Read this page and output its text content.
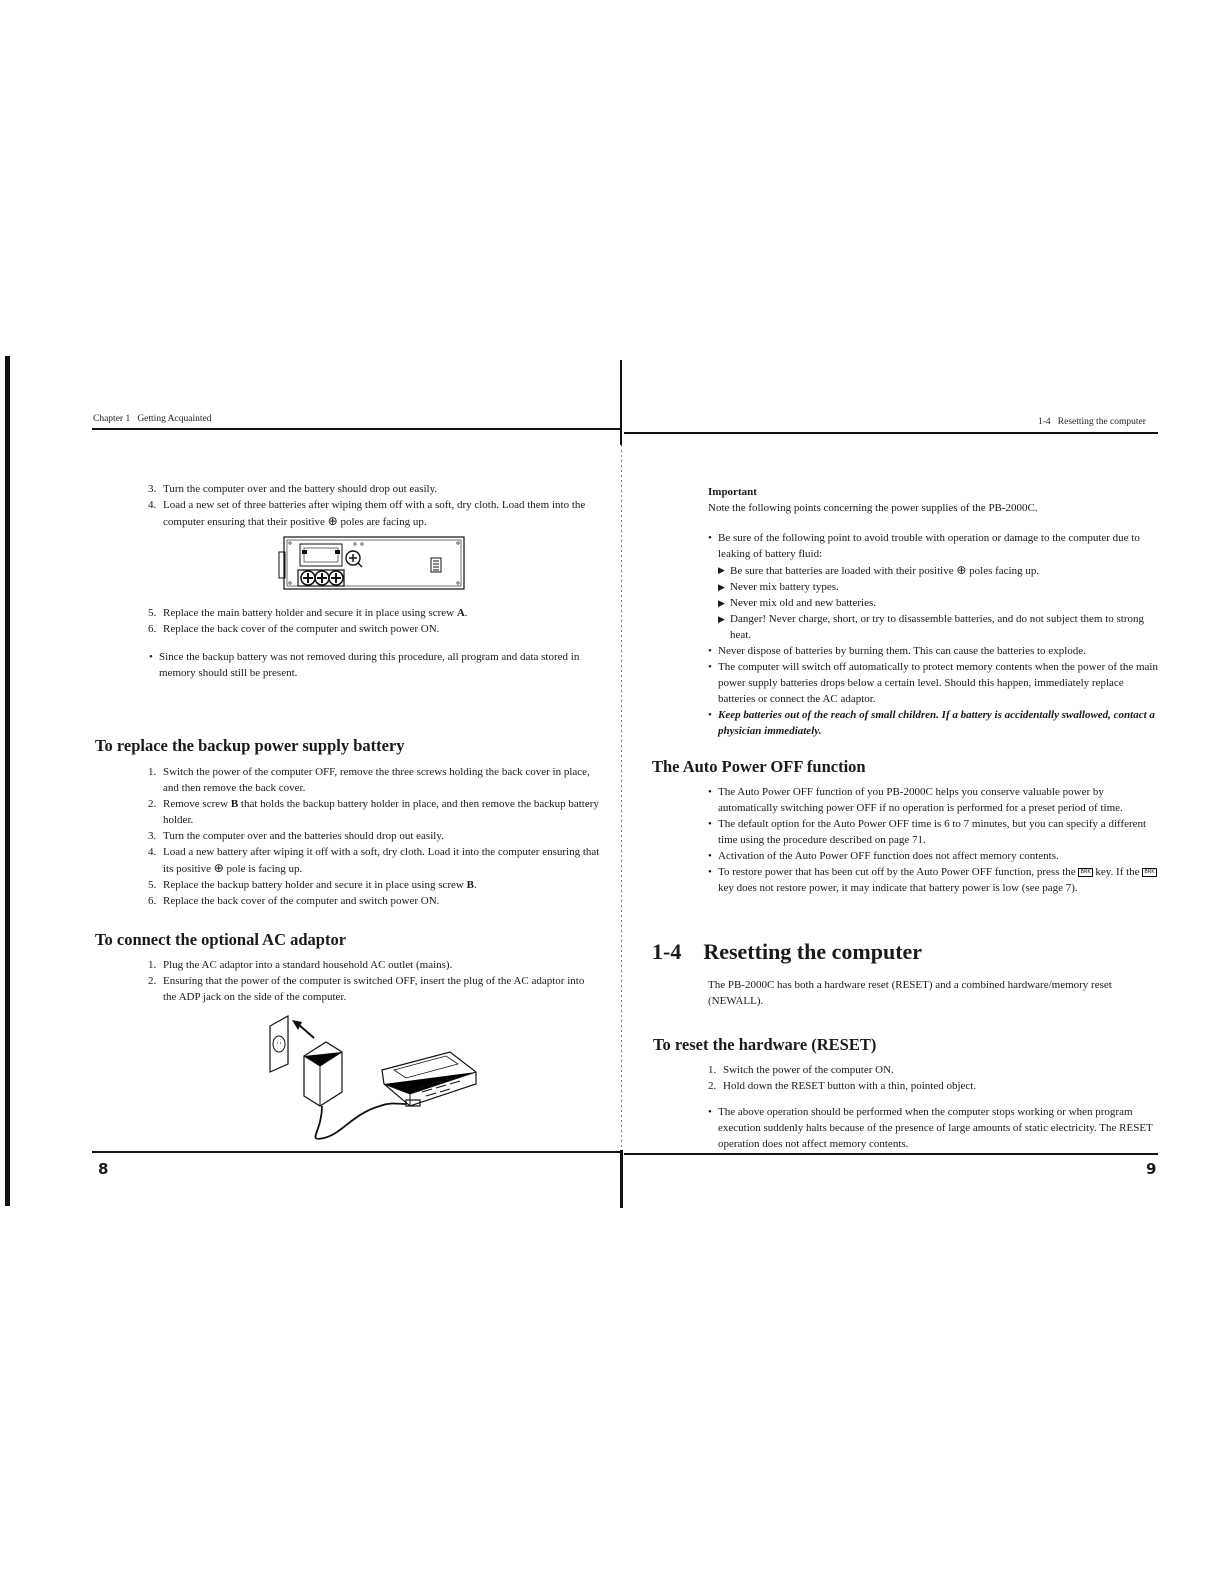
Chapter 1   Getting Acquainted
3. Turn the computer over and the battery should drop out easily.
4. Load a new set of three batteries after wiping them off with a soft, dry cloth. Load them into the computer ensuring that their positive ⊕ poles are facing up.
5. Replace the main battery holder and secure it in place using screw A.
6. Replace the back cover of the computer and switch power ON.
• Since the backup battery was not removed during this procedure, all program and data stored in memory should still be present.
To replace the backup power supply battery
1. Switch the power of the computer OFF, remove the three screws holding the back cover in place, and then remove the back cover.
2. Remove screw B that holds the backup battery holder in place, and then remove the backup battery holder.
3. Turn the computer over and the batteries should drop out easily.
4. Load a new battery after wiping it off with a soft, dry cloth. Load it into the computer ensuring that its positive ⊕ pole is facing up.
5. Replace the backup battery holder and secure it in place using screw B.
6. Replace the back cover of the computer and switch power ON.
To connect the optional AC adaptor
1. Plug the AC adaptor into a standard household AC outlet (mains).
2. Ensuring that the power of the computer is switched OFF, insert the plug of the AC adaptor into the ADP jack on the side of the computer.
8
1-4   Resetting the computer
Important
Note the following points concerning the power supplies of the PB-2000C.
• Be sure of the following point to avoid trouble with operation or damage to the computer due to leaking of battery fluid:
▶ Be sure that batteries are loaded with their positive ⊕ poles facing up.
▶ Never mix battery types.
▶ Never mix old and new batteries.
▶ Danger! Never charge, short, or try to disassemble batteries, and do not subject them to strong heat.
• Never dispose of batteries by burning them. This can cause the batteries to explode.
• The computer will switch off automatically to protect memory contents when the power of the main power supply batteries drops below a certain level. Should this happen, immediately replace batteries or connect the AC adaptor.
• Keep batteries out of the reach of small children. If a battery is accidentally swallowed, contact a physician immediately.
The Auto Power OFF function
• The Auto Power OFF function of you PB-2000C helps you conserve valuable power by automatically switching power OFF if no operation is performed for a preset period of time.
• The default option for the Auto Power OFF time is 6 to 7 minutes, but you can specify a different time using the procedure described on page 71.
• Activation of the Auto Power OFF function does not affect memory contents.
• To restore power that has been cut off by the Auto Power OFF function, press the BRK key. If the BRK key does not restore power, it may indicate that battery power is low (see page 7).
1-4 Resetting the computer
The PB-2000C has both a hardware reset (RESET) and a combined hardware/memory reset (NEWALL).
To reset the hardware (RESET)
1. Switch the power of the computer ON.
2. Hold down the RESET button with a thin, pointed object.
• The above operation should be performed when the computer stops working or when program execution suddenly halts because of the presence of large amounts of static electricity. The RESET operation does not affect memory contents.
9
